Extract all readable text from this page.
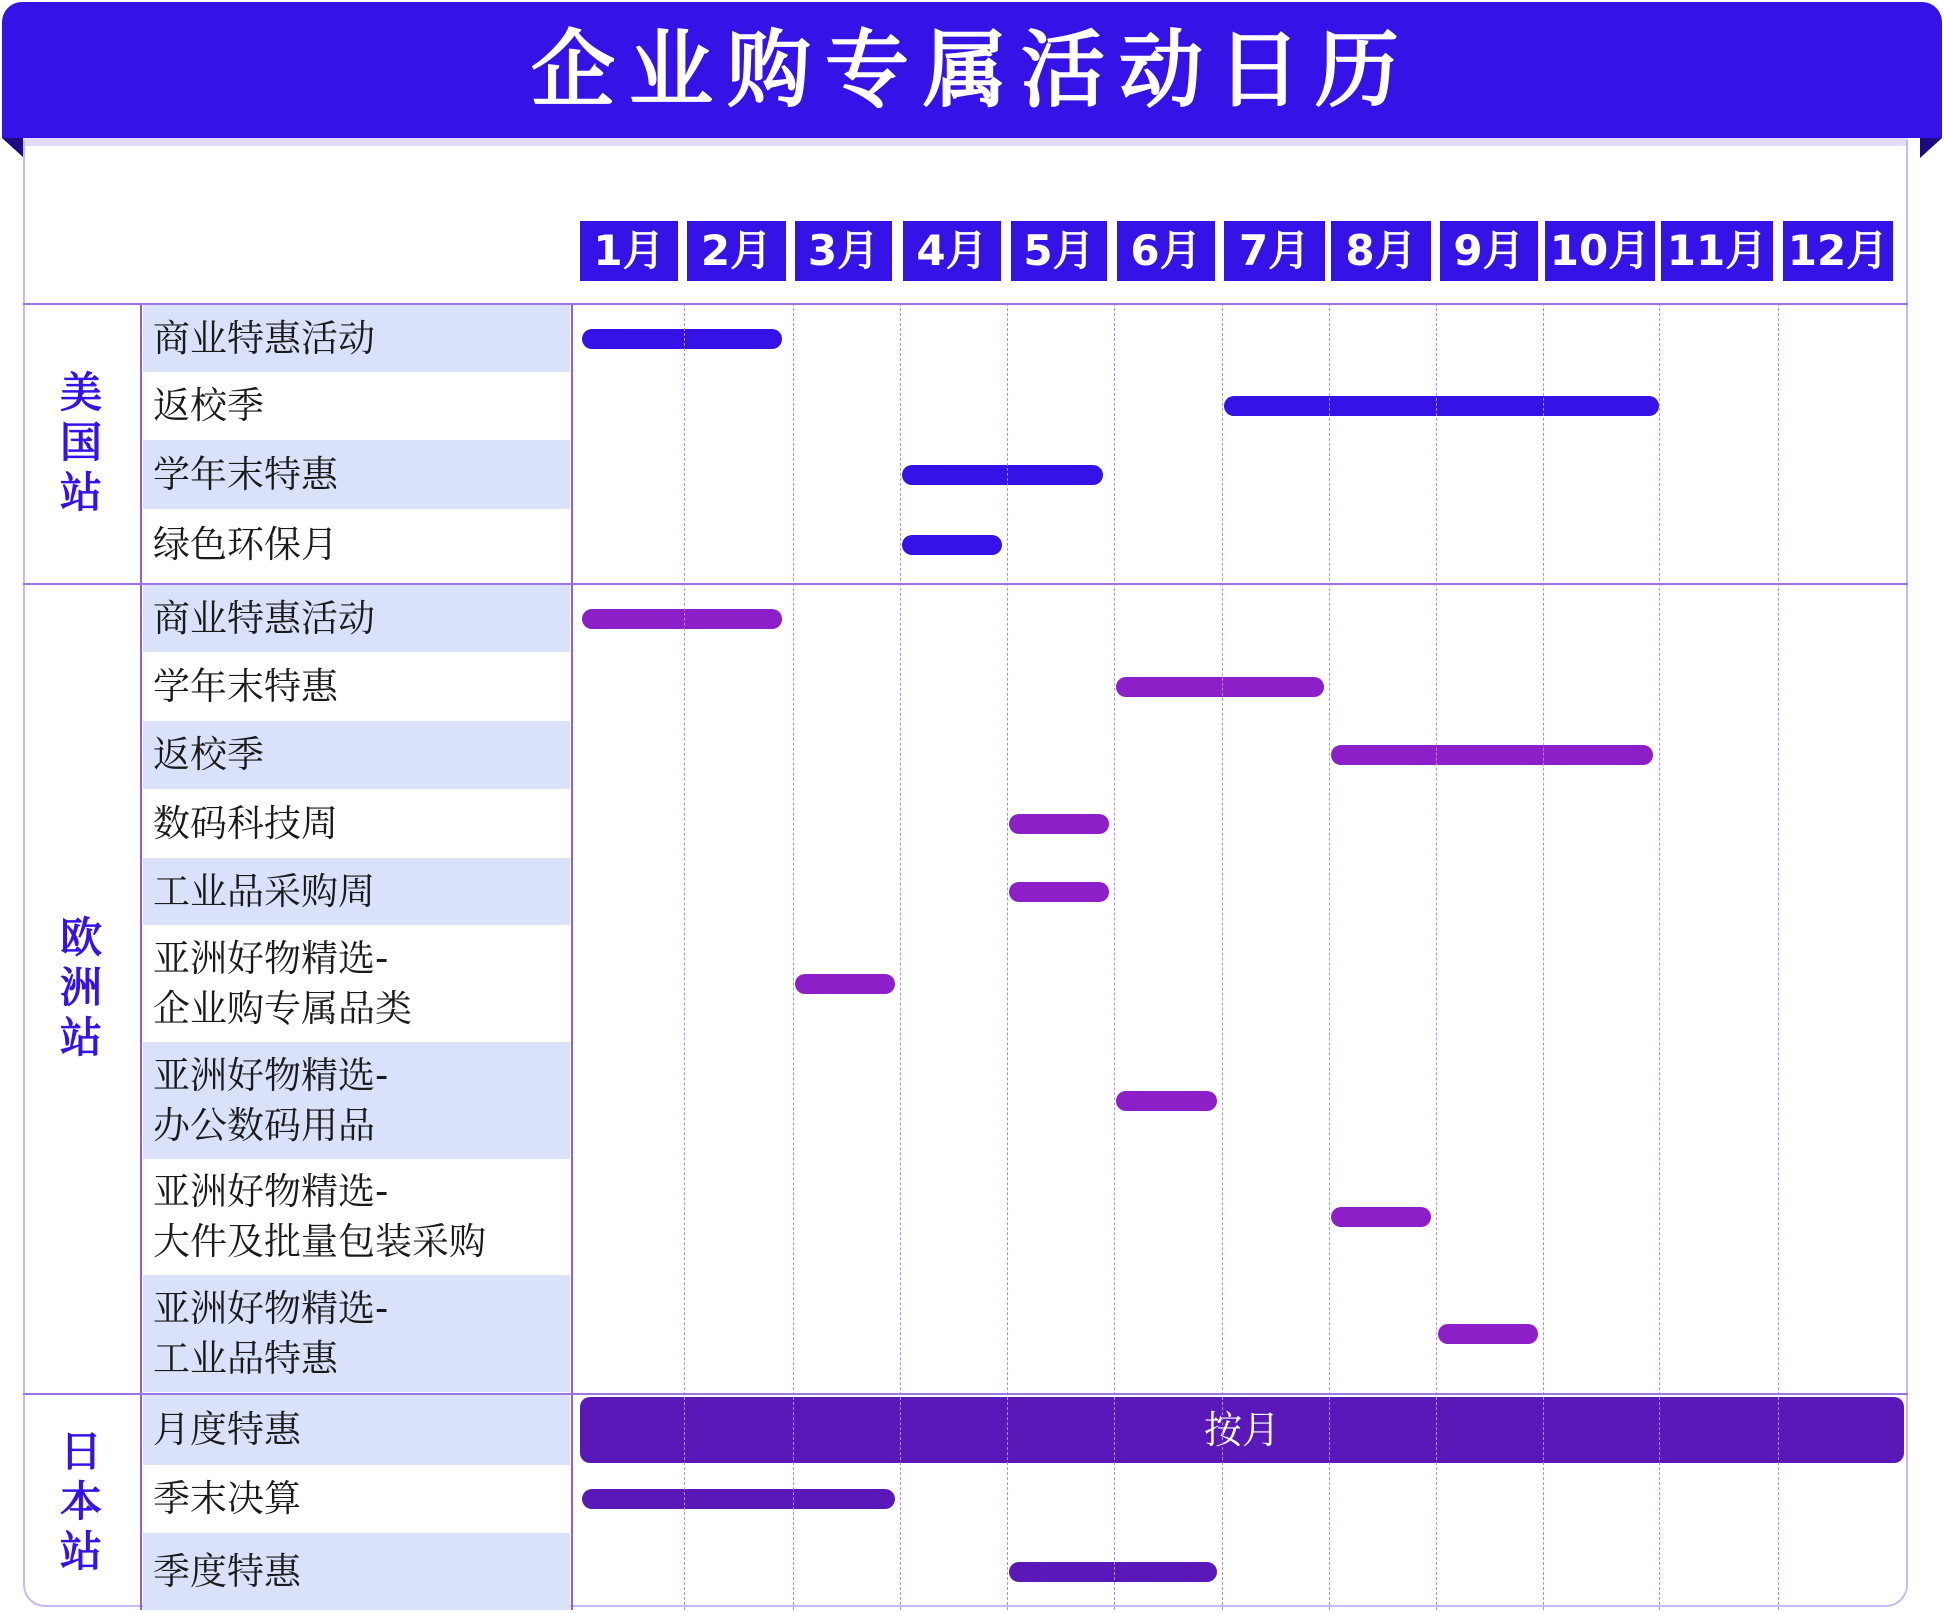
企业购专属活动日历
1月 2月 3月 4月 5月 6月 7月 8月 9月 10月 11月 12月
商业特惠活动
返校季
学年末特惠
绿色环保月
美国站
商业特惠活动
学年末特惠
返校季
数码科技周
工业品采购周
亚洲好物精选-
企业购专属品类
亚洲好物精选-
办公数码用品
亚洲好物精选-
大件及批量包装采购
亚洲好物精选-
工业品特惠
欧洲站
月度特惠	按月
季末决算
季度特惠
日本站
